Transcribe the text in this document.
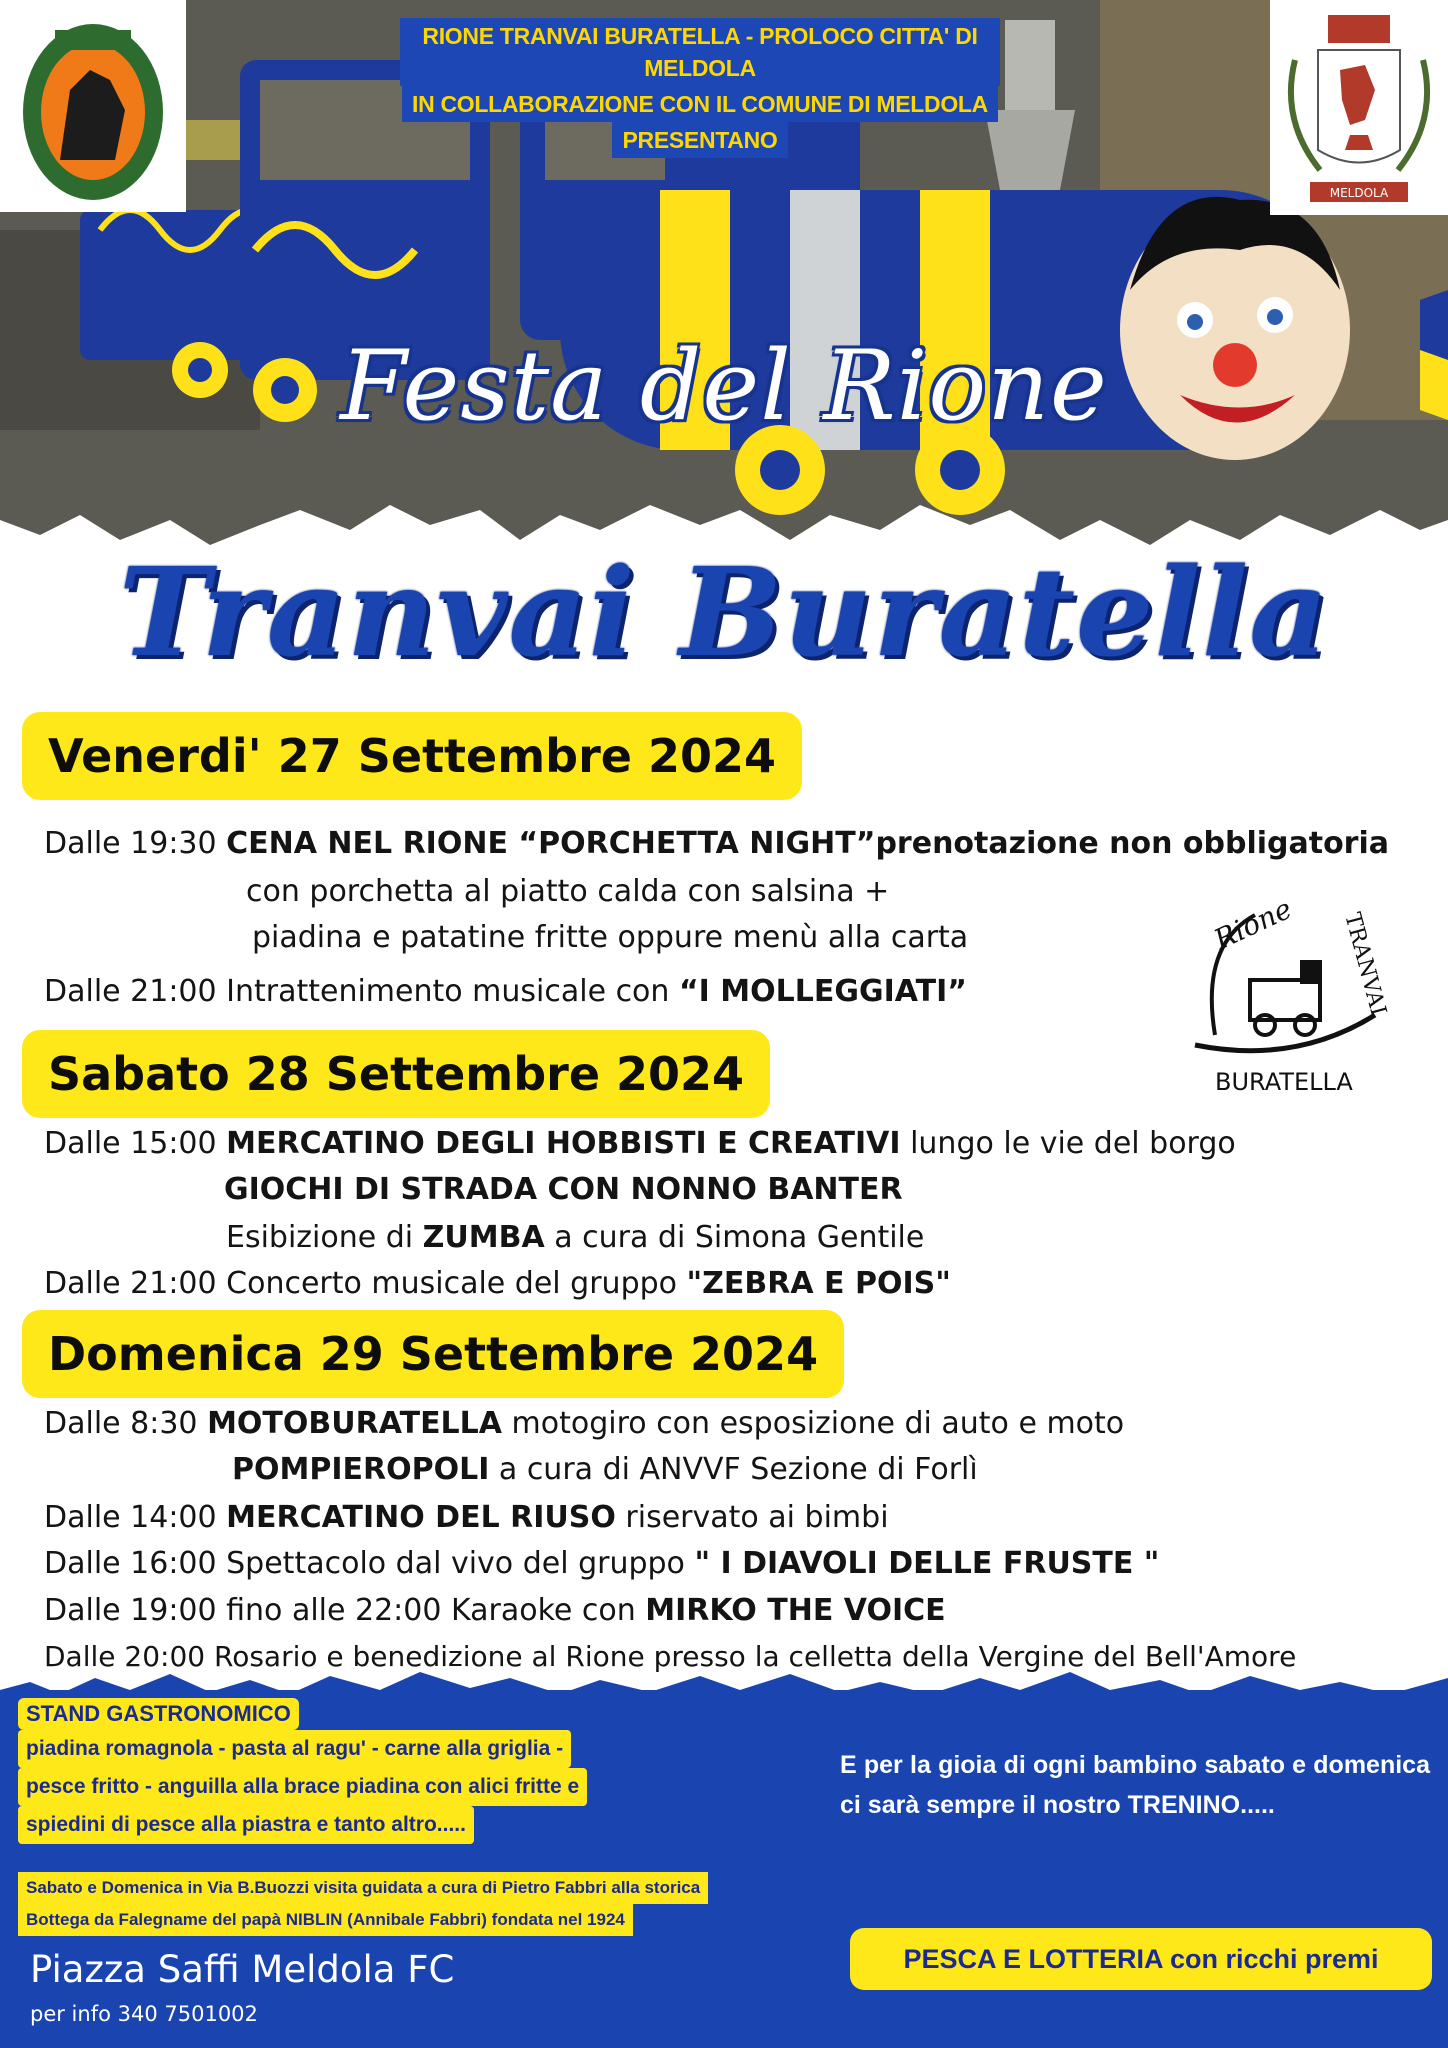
MELDOLA
RIONE TRANVAI BURATELLA - PROLOCO CITTA' DI MELDOLA
IN COLLABORAZIONE CON IL COMUNE DI MELDOLA
PRESENTANO
Festa del Rione
Tranvai Buratella
Rione TRANVAI
BURATELLA
Venerdi' 27 Settembre 2024
Dalle 19:30 CENA NEL RIONE “PORCHETTA NIGHT”prenotazione non obbligatoria
con porchetta al piatto calda con salsina +
piadina e patatine fritte oppure menù alla carta
Dalle 21:00 Intrattenimento musicale con “I MOLLEGGIATI”
Sabato 28 Settembre 2024
Dalle 15:00 MERCATINO DEGLI HOBBISTI E CREATIVI lungo le vie del borgo
GIOCHI DI STRADA CON NONNO BANTER
Esibizione di ZUMBA a cura di Simona Gentile
Dalle 21:00 Concerto musicale del gruppo "ZEBRA E POIS"
Domenica 29 Settembre 2024
Dalle 8:30 MOTOBURATELLA motogiro con esposizione di auto e moto
POMPIEROPOLI a cura di ANVVF Sezione di Forlì
Dalle 14:00 MERCATINO DEL RIUSO riservato ai bimbi
Dalle 16:00 Spettacolo dal vivo del gruppo " I DIAVOLI DELLE FRUSTE "
Dalle 19:00 fino alle 22:00 Karaoke con MIRKO THE VOICE
Dalle 20:00 Rosario e benedizione al Rione presso la celletta della Vergine del Bell'Amore
STAND GASTRONOMICO
piadina romagnola - pasta al ragu' - carne alla griglia -
pesce fritto - anguilla alla brace piadina con alici fritte e
spiedini di pesce alla piastra e tanto altro.....
Sabato e Domenica in Via B.Buozzi visita guidata a cura di Pietro Fabbri alla storica
Bottega da Falegname del papà NIBLIN (Annibale Fabbri) fondata nel 1924
E per la gioia di ogni bambino sabato e domenica ci sarà sempre il nostro TRENINO.....
Piazza Saffi Meldola FC
per info 340 7501002
PESCA E LOTTERIA con ricchi premi
